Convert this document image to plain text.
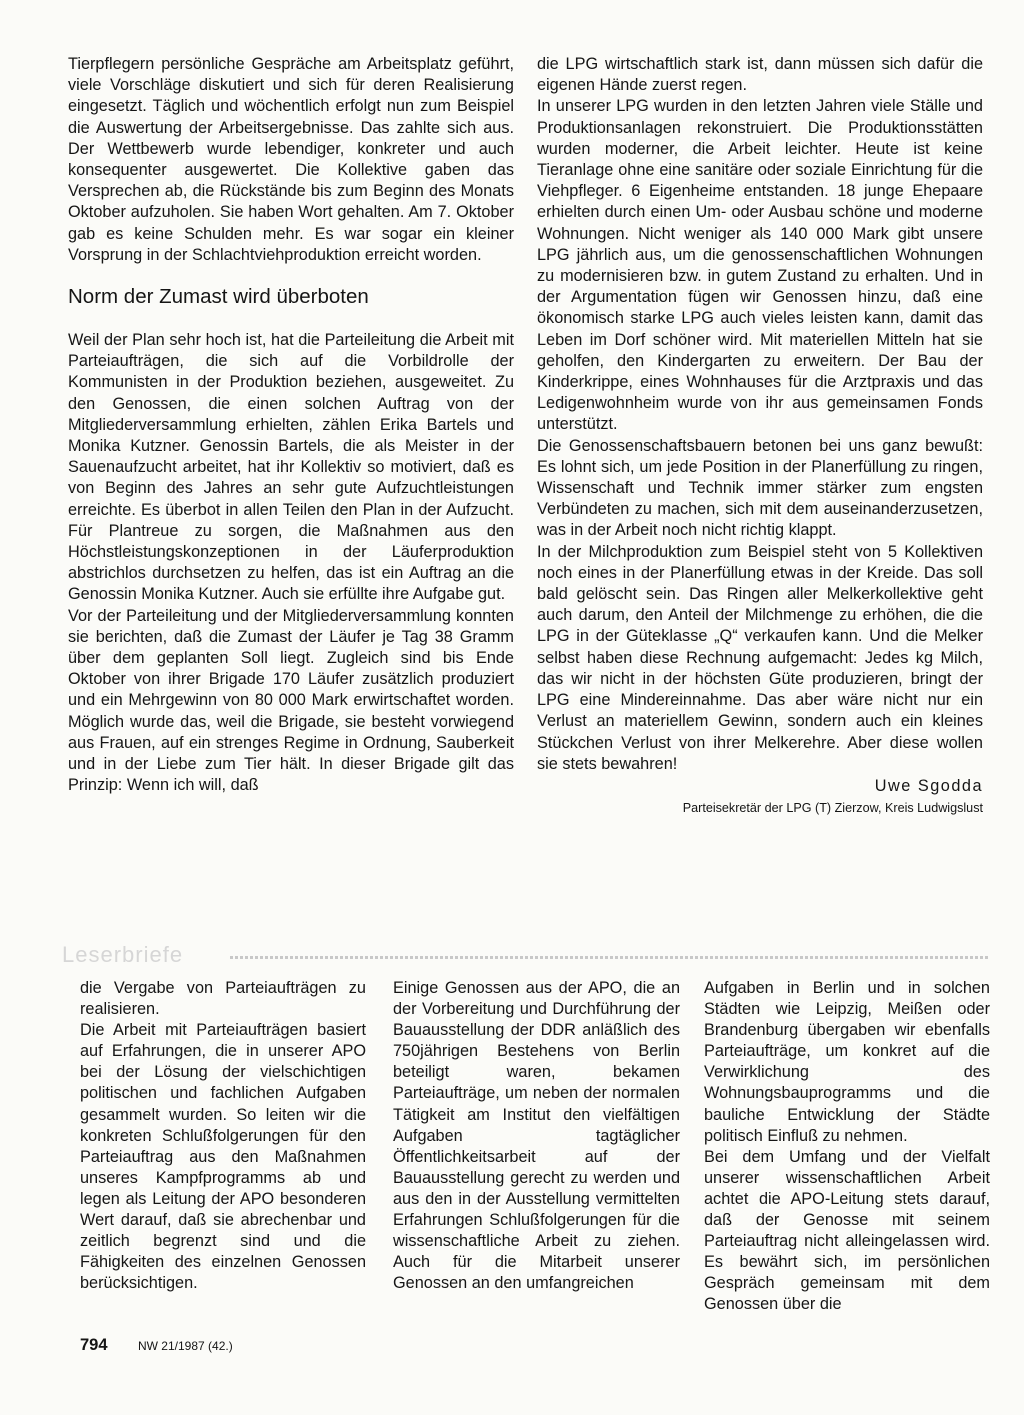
Tierpflegern persönliche Gespräche am Arbeitsplatz geführt, viele Vorschläge diskutiert und sich für deren Realisierung eingesetzt. Täglich und wöchentlich erfolgt nun zum Beispiel die Auswertung der Arbeitsergebnisse. Das zahlte sich aus. Der Wettbewerb wurde lebendiger, konkreter und auch konsequenter ausgewertet. Die Kollektive gaben das Versprechen ab, die Rückstände bis zum Beginn des Monats Oktober aufzuholen. Sie haben Wort gehalten. Am 7. Oktober gab es keine Schulden mehr. Es war sogar ein kleiner Vorsprung in der Schlachtviehproduktion erreicht worden.

Norm der Zumast wird überboten

Weil der Plan sehr hoch ist, hat die Parteileitung die Arbeit mit Parteiaufträgen, die sich auf die Vorbildrolle der Kommunisten in der Produktion beziehen, ausgeweitet. Zu den Genossen, die einen solchen Auftrag von der Mitgliederversammlung erhielten, zählen Erika Bartels und Monika Kutzner. Genossin Bartels, die als Meister in der Sauenaufzucht arbeitet, hat ihr Kollektiv so motiviert, daß es von Beginn des Jahres an sehr gute Aufzuchtleistungen erreichte. Es überbot in allen Teilen den Plan in der Aufzucht. Für Plantreue zu sorgen, die Maßnahmen aus den Höchstleistungskonzeptionen in der Läuferproduktion abstrichlos durchsetzen zu helfen, das ist ein Auftrag an die Genossin Monika Kutzner. Auch sie erfüllte ihre Aufgabe gut.

Vor der Parteileitung und der Mitgliederversammlung konnten sie berichten, daß die Zumast der Läufer je Tag 38 Gramm über dem geplanten Soll liegt. Zugleich sind bis Ende Oktober von ihrer Brigade 170 Läufer zusätzlich produziert und ein Mehrgewinn von 80 000 Mark erwirtschaftet worden. Möglich wurde das, weil die Brigade, sie besteht vorwiegend aus Frauen, auf ein strenges Regime in Ordnung, Sauberkeit und in der Liebe zum Tier hält. In dieser Brigade gilt das Prinzip: Wenn ich will, daß

die LPG wirtschaftlich stark ist, dann müssen sich dafür die eigenen Hände zuerst regen.

In unserer LPG wurden in den letzten Jahren viele Ställe und Produktionsanlagen rekonstruiert. Die Produktionsstätten wurden moderner, die Arbeit leichter. Heute ist keine Tieranlage ohne eine sanitäre oder soziale Einrichtung für die Viehpfleger. 6 Eigenheime entstanden. 18 junge Ehepaare erhielten durch einen Um- oder Ausbau schöne und moderne Wohnungen. Nicht weniger als 140 000 Mark gibt unsere LPG jährlich aus, um die genossenschaftlichen Wohnungen zu modernisieren bzw. in gutem Zustand zu erhalten. Und in der Argumentation fügen wir Genossen hinzu, daß eine ökonomisch starke LPG auch vieles leisten kann, damit das Leben im Dorf schöner wird. Mit materiellen Mitteln hat sie geholfen, den Kindergarten zu erweitern. Der Bau der Kinderkrippe, eines Wohnhauses für die Arztpraxis und das Ledigenwohnheim wurde von ihr aus gemeinsamen Fonds unterstützt.

Die Genossenschaftsbauern betonen bei uns ganz bewußt: Es lohnt sich, um jede Position in der Planerfüllung zu ringen, Wissenschaft und Technik immer stärker zum engsten Verbündeten zu machen, sich mit dem auseinanderzusetzen, was in der Arbeit noch nicht richtig klappt.

In der Milchproduktion zum Beispiel steht von 5 Kollektiven noch eines in der Planerfüllung etwas in der Kreide. Das soll bald gelöscht sein. Das Ringen aller Melkerkollektive geht auch darum, den Anteil der Milchmenge zu erhöhen, die die LPG in der Güteklasse „Q“ verkaufen kann. Und die Melker selbst haben diese Rechnung aufgemacht: Jedes kg Milch, das wir nicht in der höchsten Güte produzieren, bringt der LPG eine Mindereinnahme. Das aber wäre nicht nur ein Verlust an materiellem Gewinn, sondern auch ein kleines Stückchen Verlust von ihrer Melkerehre. Aber diese wollen sie stets bewahren!

Uwe Sgodda

Parteisekretär der LPG (T) Zierzow, Kreis Ludwigslust

Leserbriefe

die Vergabe von Parteiaufträgen zu realisieren.

Die Arbeit mit Parteiaufträgen basiert auf Erfahrungen, die in unserer APO bei der Lösung der vielschichtigen politischen und fachlichen Aufgaben gesammelt wurden. So leiten wir die konkreten Schlußfolgerungen für den Parteiauftrag aus den Maßnahmen unseres Kampfprogramms ab und legen als Leitung der APO besonderen Wert darauf, daß sie abrechenbar und zeitlich begrenzt sind und die Fähigkeiten des einzelnen Genossen berücksichtigen.

Einige Genossen aus der APO, die an der Vorbereitung und Durchführung der Bauausstellung der DDR anläßlich des 750jährigen Bestehens von Berlin beteiligt waren, bekamen Parteiaufträge, um neben der normalen Tätigkeit am Institut den vielfältigen Aufgaben tagtäglicher Öffentlichkeitsarbeit auf der Bauausstellung gerecht zu werden und aus den in der Ausstellung vermittelten Erfahrungen Schlußfolgerungen für die wissenschaftliche Arbeit zu ziehen. Auch für die Mitarbeit unserer Genossen an den umfangreichen

Aufgaben in Berlin und in solchen Städten wie Leipzig, Meißen oder Brandenburg übergaben wir ebenfalls Parteiaufträge, um konkret auf die Verwirklichung des Wohnungsbauprogramms und die bauliche Entwicklung der Städte politisch Einfluß zu nehmen.

Bei dem Umfang und der Vielfalt unserer wissenschaftlichen Arbeit achtet die APO-Leitung stets darauf, daß der Genosse mit seinem Parteiauftrag nicht alleingelassen wird. Es bewährt sich, im persönlichen Gespräch gemeinsam mit dem Genossen über die

794	NW 21/1987 (42.)
